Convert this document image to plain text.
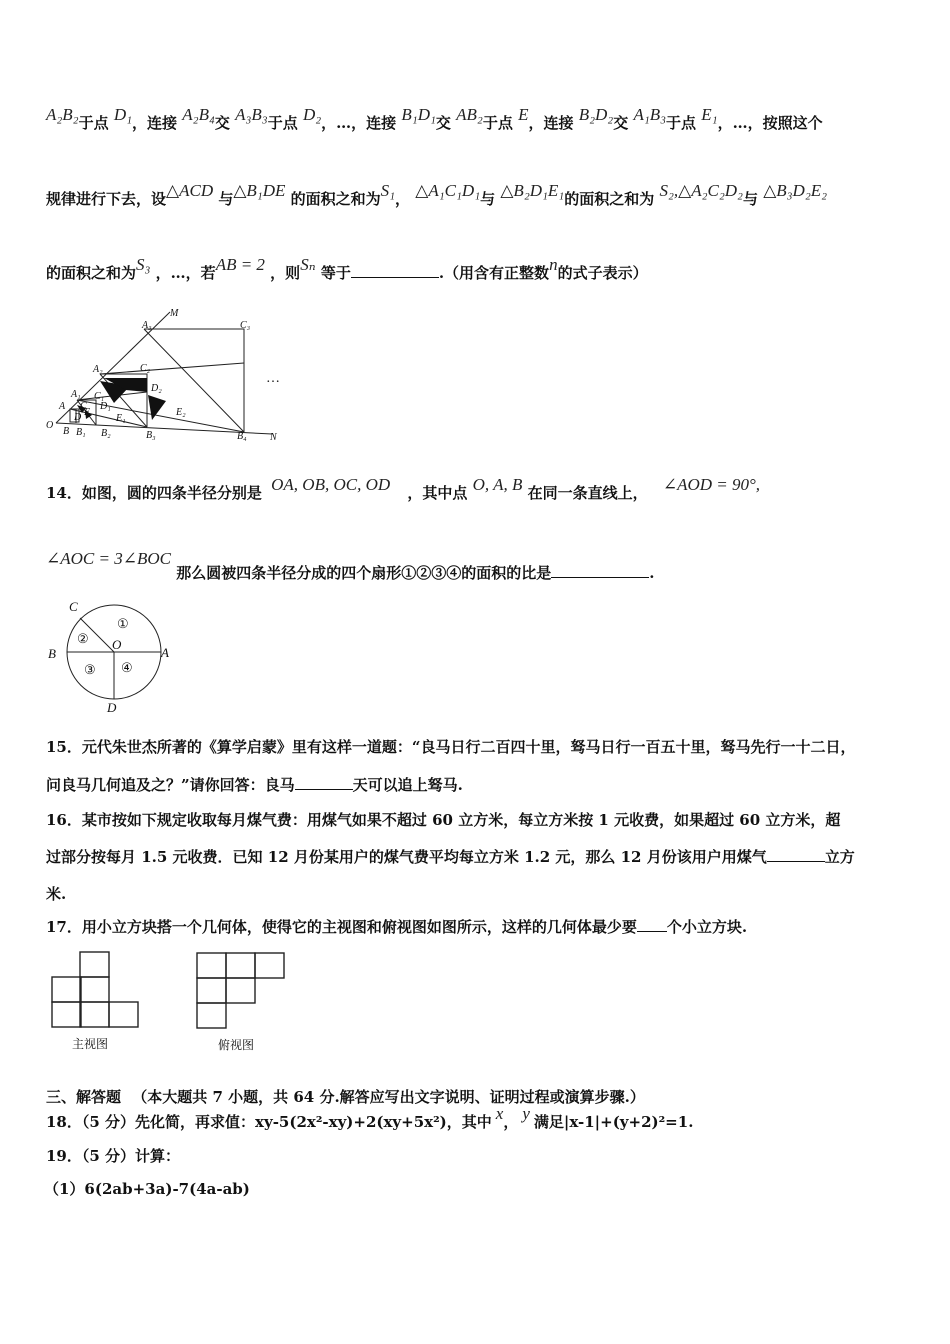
A₂B₂于点 D₁，连接 A₂B₄交 A₃B₃于点 D₂，…，连接 B₁D₁交 AB₂于点 E，连接 B₂D₂交 A₁B₃于点 E₁，…，按照这个
规律进行下去，设△ACD 与△B₁DE 的面积之和为S₁， △A₁C₁D₁与 △B₂D₁E₁的面积之和为 S₂,△A₂C₂D₂与 △B₃D₂E₂
的面积之和为S₃ ，…，若AB = 2 ，则Sₙ 等于	.（用含有正整数n的式子表示）
M
C₃
A₃
A₂	C₂
D₂
A₁ C₁
D₁
A C
D E
E₁
E₂
O
B B₁ B₂	B₃	B₄ N
…
14．如图，圆的四条半径分别是 OA, OB, OC, OD ，其中点 O, A, B 在同一条直线上， ∠AOD = 90°,
∠AOC = 3∠BOC 那么圆被四条半径分成的四个扇形①②③④的面积的比是	.
C
O
B	A
D
①
②
③ ④
15．元代朱世杰所著的《算学启蒙》里有这样一道题：“良马日行二百四十里，驽马日行一百五十里，驽马先行一十二日，
问良马几何追及之？”请你回答：良马	天可以追上驽马.
16．某市按如下规定收取每月煤气费：用煤气如果不超过 60 立方米，每立方米按 1 元收费，如果超过 60 立方米，超
过部分按每月 1.5 元收费．已知 12 月份某用户的煤气费平均每立方米 1.2 元，那么 12 月份该用户用煤气	立方
米.
17．用小立方块搭一个几何体，使得它的主视图和俯视图如图所示，这样的几何体最少要 个小立方块.
主视图	俯视图
三、解答题 （本大题共 7 小题，共 64 分.解答应写出文字说明、证明过程或演算步骤.）
18．（5 分）先化简，再求值：xy-5(2x²-xy)+2(xy+5x²)，其中 x， y 满足|x-1|+(y+2)²=1.
19．（5 分）计算：
（1）6(2ab+3a)-7(4a-ab)
